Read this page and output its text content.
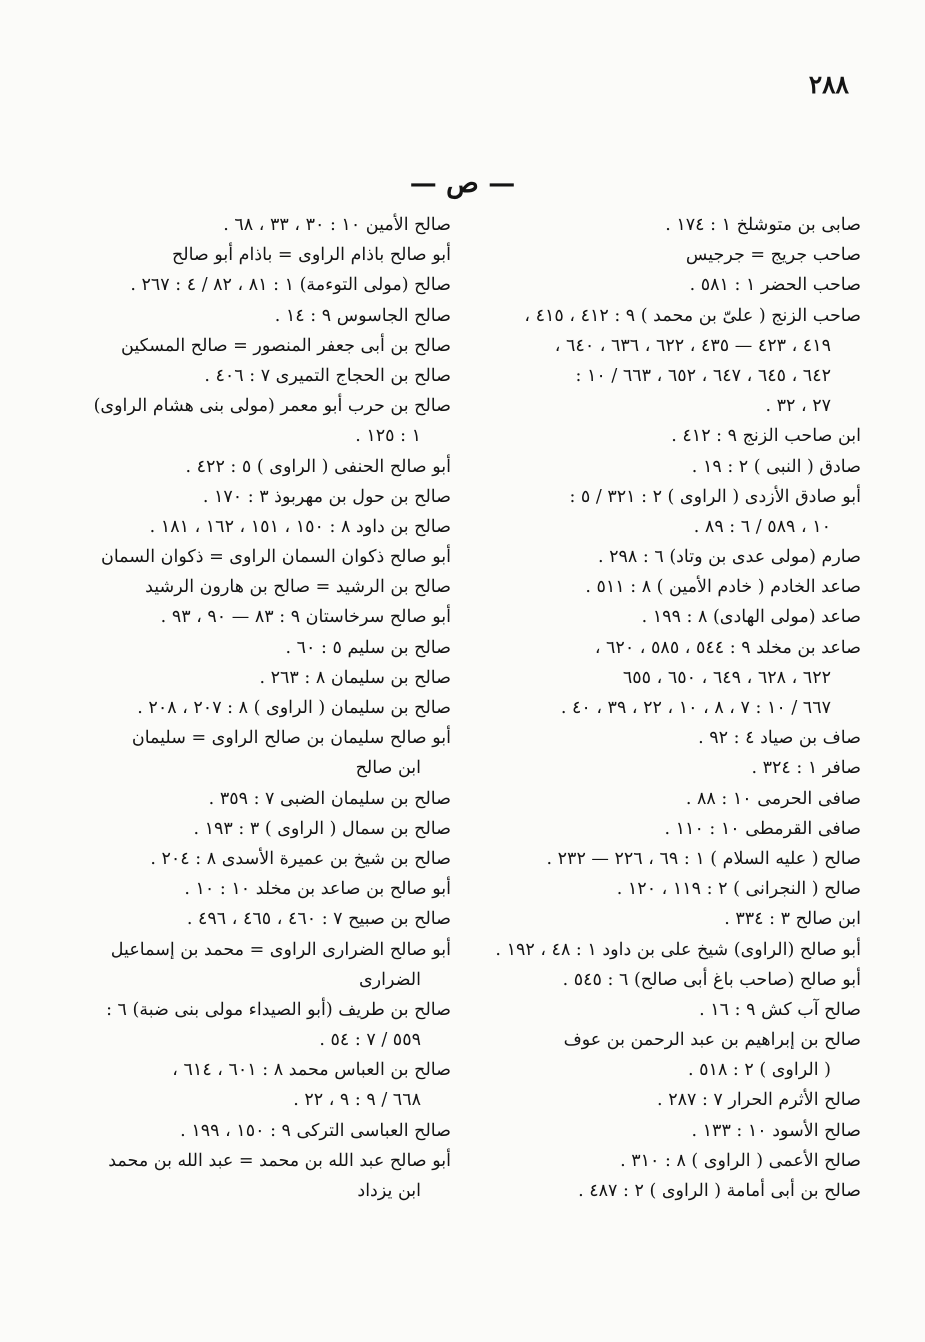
٢٨٨
— ص —
صابى بن متوشلخ ١ : ١٧٤ .
صاحب جريج = جرجيس
صاحب الحضر ١ : ٥٨١ .
صاحب الزنج ( علىّ بن محمد ) ٩ : ٤١٢ ، ٤١٥ ،
٤١٩ ، ٤٢٣ — ٤٣٥ ، ٦٢٢ ، ٦٣٦ ، ٦٤٠ ،
٦٤٢ ، ٦٤٥ ، ٦٤٧ ، ٦٥٢ ، ٦٦٣ / ١٠ :
٢٧ ، ٣٢ .
ابن صاحب الزنج ٩ : ٤١٢ .
صادق ( النبى ) ٢ : ١٩ .
أبو صادق الأزدى ( الراوى ) ٢ : ٣٢١ / ٥ :
١٠ ، ٥٨٩ / ٦ : ٨٩ .
صارم (مولى عدى بن وتاد) ٦ : ٢٩٨ .
صاعد الخادم ( خادم الأمين ) ٨ : ٥١١ .
صاعد (مولى الهادى) ٨ : ١٩٩ .
صاعد بن مخلد ٩ : ٥٤٤ ، ٥٨٥ ، ٦٢٠ ،
٦٢٢ ، ٦٢٨ ، ٦٤٩ ، ٦٥٠ ، ٦٥٥
٦٦٧ / ١٠ : ٧ ، ٨ ، ١٠ ، ٢٢ ، ٣٩ ، ٤٠ .
صاف بن صياد ٤ : ٩٢ .
صافر ١ : ٣٢٤ .
صافى الحرمى ١٠ : ٨٨ .
صافى القرمطى ١٠ : ١١٠ .
صالح ( عليه السلام ) ١ : ٦٩ ، ٢٢٦ — ٢٣٢ .
صالح ( النجرانى ) ٢ : ١١٩ ، ١٢٠ .
ابن صالح ٣ : ٣٣٤ .
أبو صالح (الراوى) شيخ على بن داود ١ : ٤٨ ، ١٩٢ .
أبو صالح (صاحب باغ أبى صالح) ٦ : ٥٤٥ .
صالح آب كش ٩ : ١٦ .
صالح بن إبراهيم بن عبد الرحمن بن عوف
( الراوى ) ٢ : ٥١٨ .
صالح الأثرم الحرار ٧ : ٢٨٧ .
صالح الأسود ١٠ : ١٣٣ .
صالح الأعمى ( الراوى ) ٨ : ٣١٠ .
صالح بن أبى أمامة ( الراوى ) ٢ : ٤٨٧ .
صالح الأمين ١٠ : ٣٠ ، ٣٣ ، ٦٨ .
أبو صالح باذام الراوى = باذام أبو صالح
صالح (مولى التوءمة) ١ : ٨١ ، ٨٢ / ٤ : ٢٦٧ .
صالح الجاسوس ٩ : ١٤ .
صالح بن أبى جعفر المنصور = صالح المسكين
صالح بن الحجاج التميرى ٧ : ٤٠٦ .
صالح بن حرب أبو معمر (مولى بنى هشام الراوى)
١ : ١٢٥ .
أبو صالح الحنفى ( الراوى ) ٥ : ٤٢٢ .
صالح بن حول بن مهربوذ ٣ : ١٧٠ .
صالح بن داود ٨ : ١٥٠ ، ١٥١ ، ١٦٢ ، ١٨١ .
أبو صالح ذكوان السمان الراوى = ذكوان السمان
صالح بن الرشيد = صالح بن هارون الرشيد
أبو صالح سرخاستان ٩ : ٨٣ — ٩٠ ، ٩٣ .
صالح بن سليم ٥ : ٦٠ .
صالح بن سليمان ٨ : ٢٦٣ .
صالح بن سليمان ( الراوى ) ٨ : ٢٠٧ ، ٢٠٨ .
أبو صالح سليمان بن صالح الراوى = سليمان
ابن صالح
صالح بن سليمان الضبى ٧ : ٣٥٩ .
صالح بن سمال ( الراوى ) ٣ : ١٩٣ .
صالح بن شيخ بن عميرة الأسدى ٨ : ٢٠٤ .
أبو صالح بن صاعد بن مخلد ١٠ : ١٠ .
صالح بن صبيح ٧ : ٤٦٠ ، ٤٦٥ ، ٤٩٦ .
أبو صالح الضرارى الراوى = محمد بن إسماعيل
الضرارى
صالح بن طريف (أبو الصيداء مولى بنى ضبة) ٦ :
٥٥٩ / ٧ : ٥٤ .
صالح بن العباس محمد ٨ : ٦٠١ ، ٦١٤ ،
٦٦٨ / ٩ : ٩ ، ٢٢ .
صالح العباسى التركى ٩ : ١٥٠ ، ١٩٩ .
أبو صالح عبد الله بن محمد = عبد الله بن محمد
ابن يزداد
